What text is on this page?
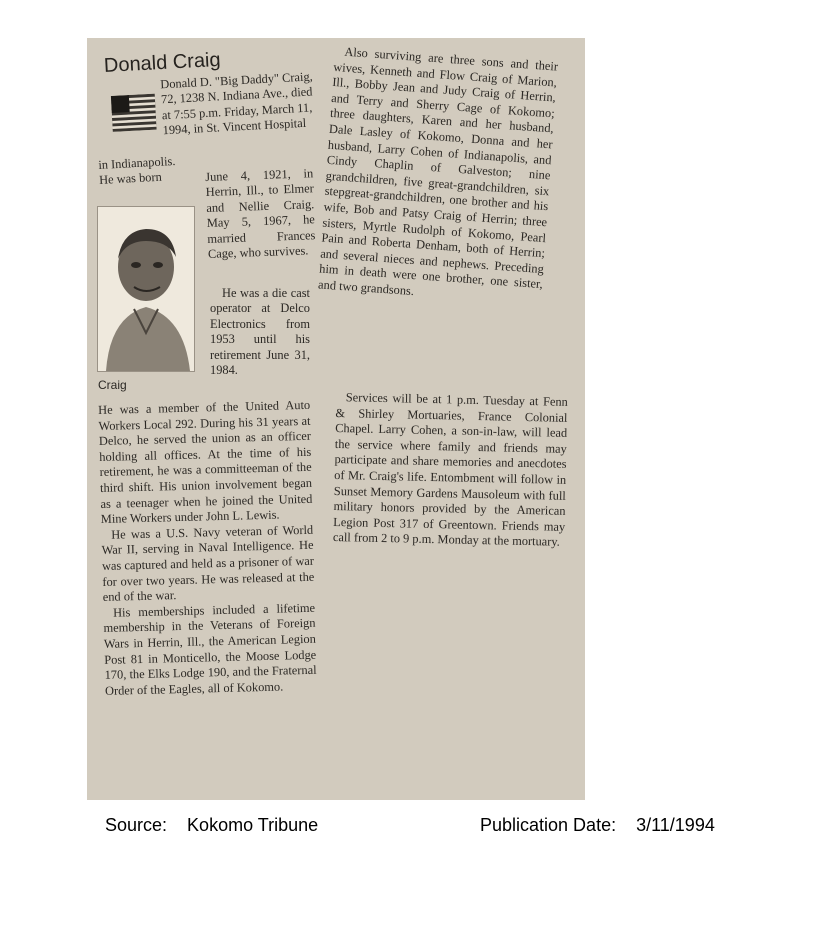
Donald Craig
Donald D. "Big Daddy" Craig, 72, 1238 N. Indiana Ave., died at 7:55 p.m. Friday, March 11, 1994, in St. Vincent Hospital
in Indianapolis.
He was born
Craig
June 4, 1921, in Herrin, Ill., to Elmer and Nellie Craig. May 5, 1967, he married Frances Cage, who survives.

He was a die cast operator at Delco Electronics from 1953 until his retirement June 31, 1984.

He was a member of the United Auto Workers Local 292. During his 31 years at Delco, he served the union as an officer holding all offices. At the time of his retirement, he was a committeeman of the third shift. His union involvement began as a teenager when he joined the United Mine Workers under John L. Lewis.

He was a U.S. Navy veteran of World War II, serving in Naval Intelligence. He was captured and held as a prisoner of war for over two years. He was released at the end of the war.

His memberships included a lifetime membership in the Veterans of Foreign Wars in Herrin, Ill., the American Legion Post 81 in Monticello, the Moose Lodge 170, the Elks Lodge 190, and the Fraternal Order of the Eagles, all of Kokomo.

Also surviving are three sons and their wives, Kenneth and Flow Craig of Marion, Ill., Bobby Jean and Judy Craig of Herrin, and Terry and Sherry Cage of Kokomo; three daughters, Karen and her husband, Dale Lasley of Kokomo, Donna and her husband, Larry Cohen of Indianapolis, and Cindy Chaplin of Galveston; nine grandchildren, five great-grandchildren, six stepgreat-grandchildren, one brother and his wife, Bob and Patsy Craig of Herrin; three sisters, Myrtle Rudolph of Kokomo, Pearl Pain and Roberta Denham, both of Herrin; and several nieces and nephews. Preceding him in death were one brother, one sister, and two grandsons.

Services will be at 1 p.m. Tuesday at Fenn & Shirley Mortuaries, France Colonial Chapel. Larry Cohen, a son-in-law, will lead the service where family and friends may participate and share memories and anecdotes of Mr. Craig's life. Entombment will follow in Sunset Memory Gardens Mausoleum with full military honors provided by the American Legion Post 317 of Greentown. Friends may call from 2 to 9 p.m. Monday at the mortuary.

Source: Kokomo Tribune	Publication Date: 3/11/1994
